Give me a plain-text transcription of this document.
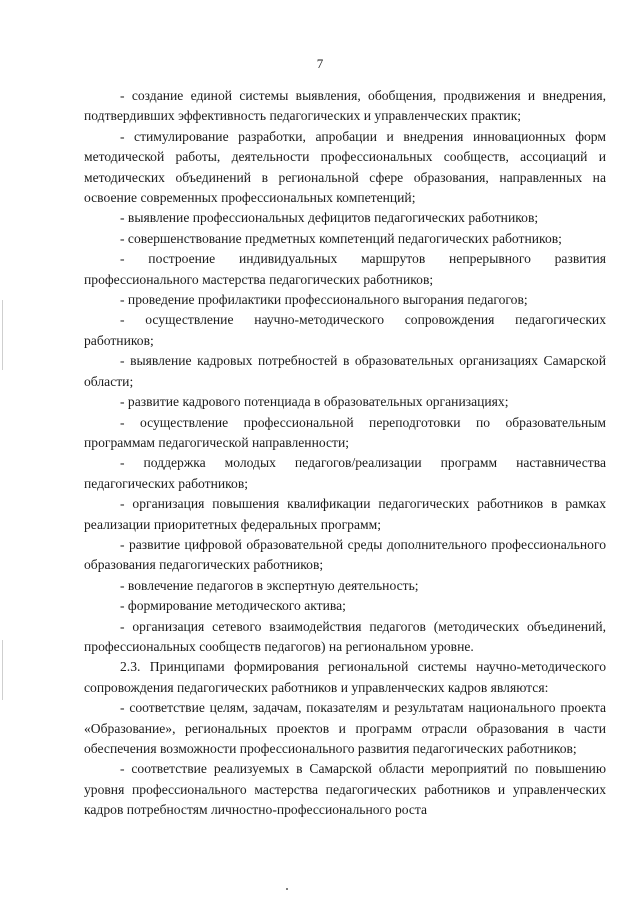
7

- создание единой системы выявления, обобщения, продвижения и внедрения, подтвердивших эффективность педагогических и управленческих практик;

- стимулирование разработки, апробации и внедрения инновационных форм методической работы, деятельности профессиональных сообществ, ассоциаций и методических объединений в региональной сфере образования, направленных на освоение современных профессиональных компетенций;

- выявление профессиональных дефицитов педагогических работников;

- совершенствование предметных компетенций педагогических работников;

- построение индивидуальных маршрутов непрерывного развития профессионального мастерства педагогических работников;

- проведение профилактики профессионального выгорания педагогов;

- осуществление научно-методического сопровождения педагогических работников;

- выявление кадровых потребностей в образовательных организациях Самарской области;

- развитие кадрового потенциада в образовательных организациях;

- осуществление профессиональной переподготовки по образовательным программам педагогической направленности;

- поддержка молодых педагогов/реализации программ наставничества педагогических работников;

- организация повышения квалификации педагогических работников в рамках реализации приоритетных федеральных программ;

- развитие цифровой образовательной среды дополнительного профессионального образования педагогических работников;

- вовлечение педагогов в экспертную деятельность;

- формирование методического актива;

- организация сетевого взаимодействия педагогов (методических объединений, профессиональных сообществ педагогов) на региональном уровне.

2.3. Принципами формирования региональной системы научно-методического сопровождения педагогических работников и управленческих кадров являются:

- соответствие целям, задачам, показателям и результатам национального проекта «Образование», региональных проектов и программ отрасли образования в части обеспечения возможности профессионального развития педагогических работников;

- соответствие реализуемых в Самарской области мероприятий по повышению уровня профессионального мастерства педагогических работников и управленческих кадров потребностям личностно-профессионального роста
